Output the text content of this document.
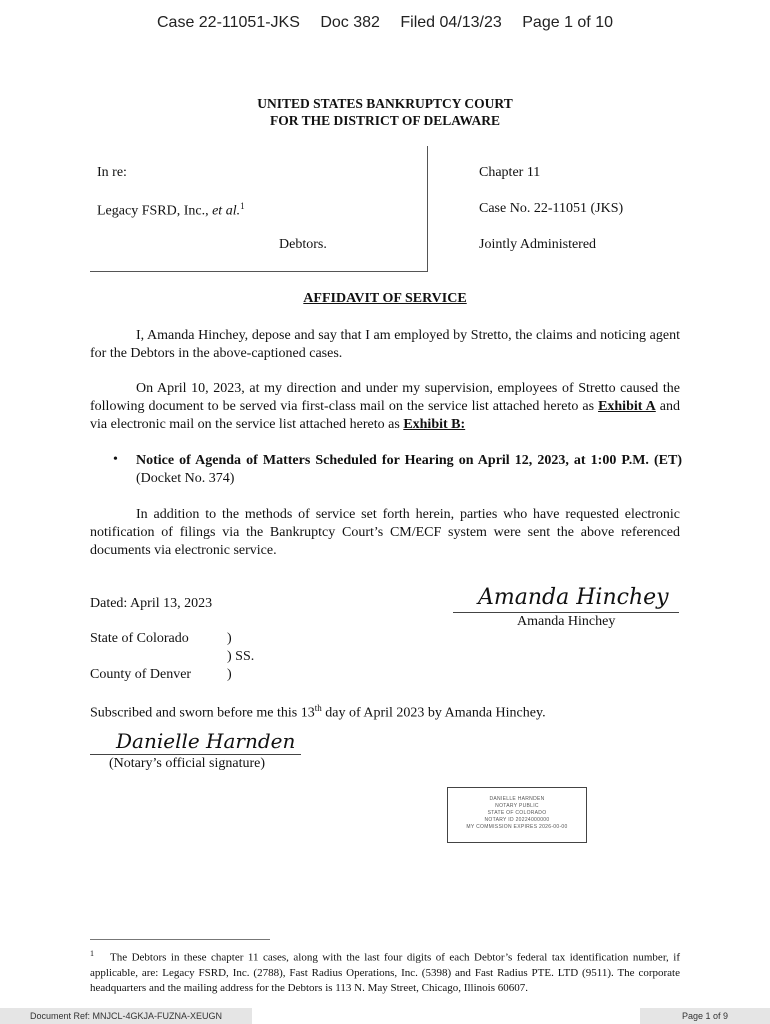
Case 22-11051-JKS Doc 382 Filed 04/13/23 Page 1 of 10
UNITED STATES BANKRUPTCY COURT
FOR THE DISTRICT OF DELAWARE
In re:
Legacy FSRD, Inc., et al.$^1$
Debtors.
Chapter 11
Case No. 22-11051 (JKS)
Jointly Administered
AFFIDAVIT OF SERVICE
I, Amanda Hinchey, depose and say that I am employed by Stretto, the claims and noticing agent for the Debtors in the above-captioned cases.
On April 10, 2023, at my direction and under my supervision, employees of Stretto caused the following document to be served via first-class mail on the service list attached hereto as Exhibit A and via electronic mail on the service list attached hereto as Exhibit B:
• Notice of Agenda of Matters Scheduled for Hearing on April 12, 2023, at 1:00 P.M. (ET) (Docket No. 374)
In addition to the methods of service set forth herein, parties who have requested electronic notification of filings via the Bankruptcy Court’s CM/ECF system were sent the above referenced documents via electronic service.
Dated: April 13, 2023	Amanda Hinchey
Amanda Hinchey
State of Colorado	)
) SS.
County of Denver	)
Subscribed and sworn before me this 13th day of April 2023 by Amanda Hinchey.
Danielle Harnden
(Notary’s official signature)
DANIELLE HARNDEN
NOTARY PUBLIC
STATE OF COLORADO
NOTARY ID 20224000000
MY COMMISSION EXPIRES 2026-00-00
$^1$ The Debtors in these chapter 11 cases, along with the last four digits of each Debtor’s federal tax identification number, if applicable, are: Legacy FSRD, Inc. (2788), Fast Radius Operations, Inc. (5398) and Fast Radius PTE. LTD (9511). The corporate headquarters and the mailing address for the Debtors is 113 N. May Street, Chicago, Illinois 60607.
Document Ref: MNJCL-4GKJA-FUZNA-XEUGN	Page 1 of 9
